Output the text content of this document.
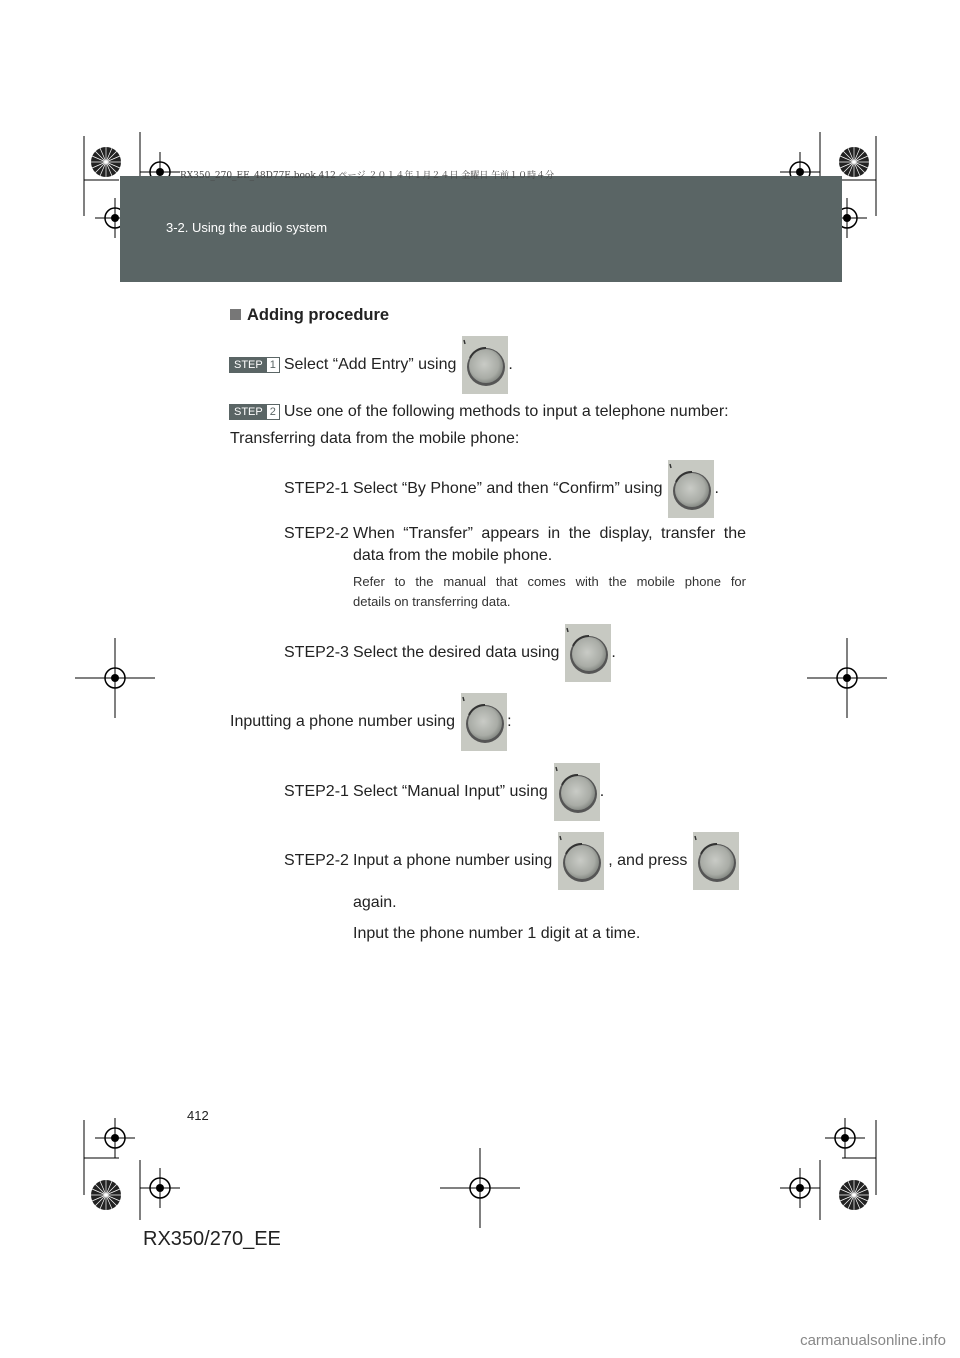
RX350_270_EE_48D77E.book 412 ページ ２０１４年１月２４日 金曜日 午前１０時４分
3-2. Using the audio system
Adding procedure
STEP 1 Select “Add Entry” using	.
STEP 2 Use one of the following methods to input a telephone number:
Transferring data from the mobile phone:
STEP2-1 Select “By Phone” and then “Confirm” using	.
STEP2-2 When “Transfer” appears in the display, transfer the
data from the mobile phone.
Refer to the manual that comes with the mobile phone for
details on transferring data.
STEP2-3 Select the desired data using	.
Inputting a phone number using	:
STEP2-1 Select “Manual Input” using	.
STEP2-2 Input a phone number using	, and press
again.
Input the phone number 1 digit at a time.
412
RX350/270_EE
carmanualsonline.info
